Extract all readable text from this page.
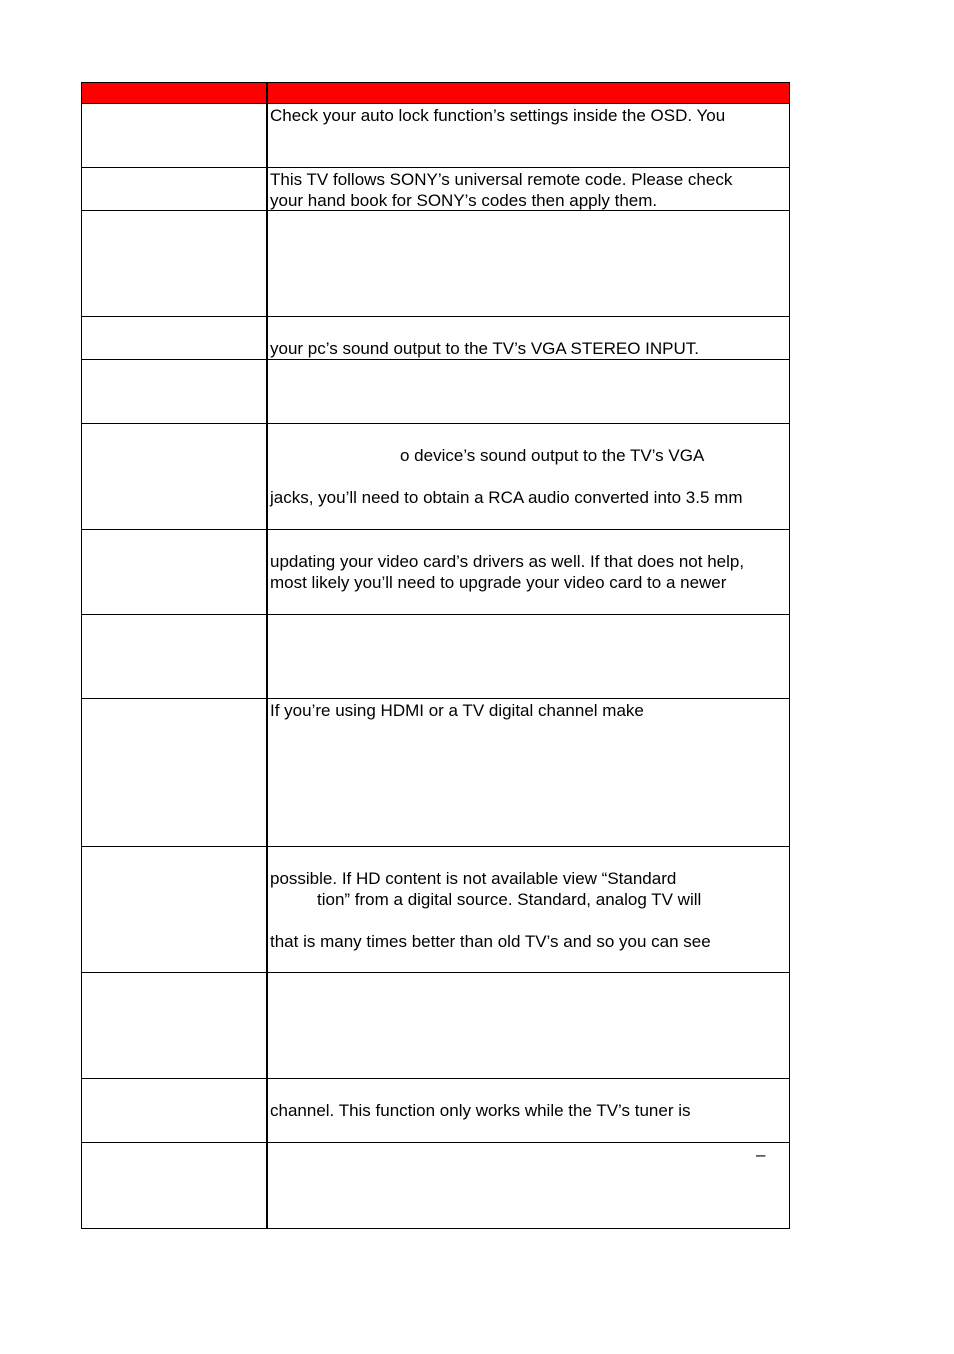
Check your auto lock function’s settings inside the OSD. You
This TV follows SONY’s universal remote code. Please check
your hand book for SONY’s codes then apply them.
your pc’s sound output to the TV’s VGA STEREO INPUT.
o device’s sound output to the TV’s VGA
jacks, you’ll need to obtain a RCA audio converted into 3.5 mm
updating your video card’s drivers as well. If that does not help,
most likely you’ll need to upgrade your video card to a newer
If you’re using HDMI or a TV digital channel make
possible. If HD content is not available view “Standard
tion” from a digital source. Standard, analog TV will
that is many times better than old TV’s and so you can see
channel. This function only works while the TV’s tuner is
–
